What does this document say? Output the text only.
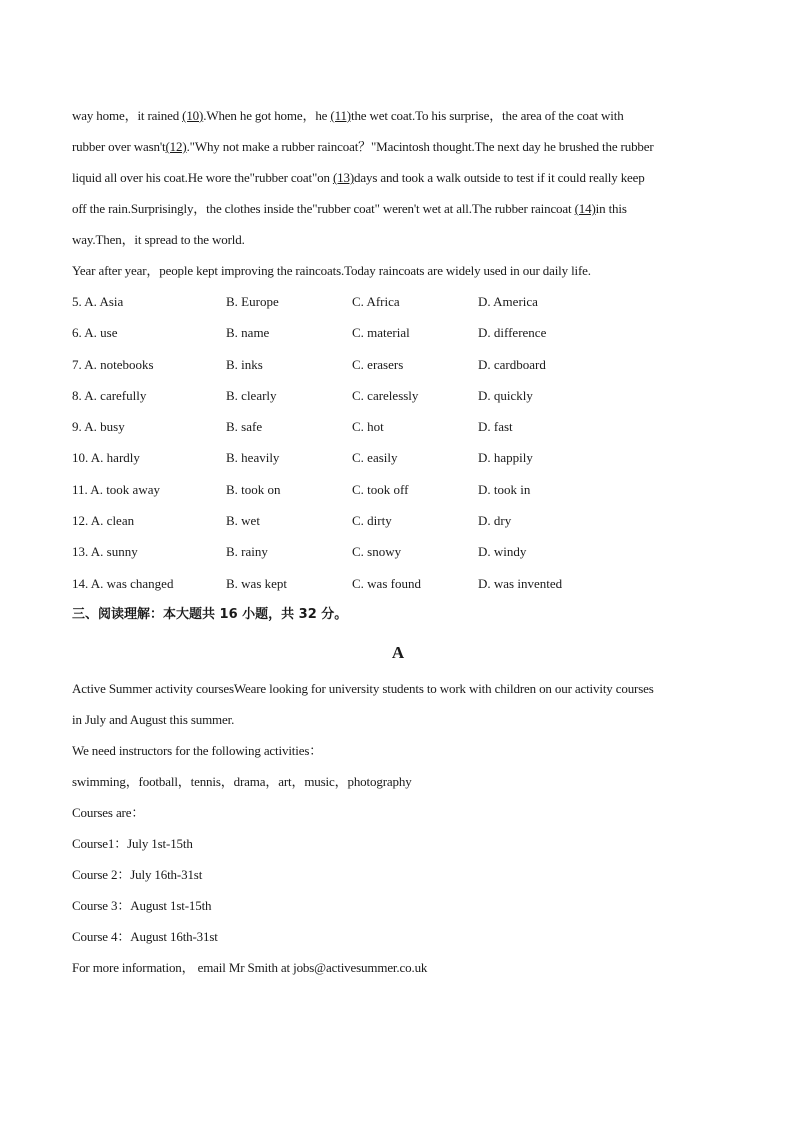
way home，it rained (10).When he got home，he (11)the wet coat.To his surprise，the area of the coat with
rubber over wasn't(12)."Why not make a rubber raincoat？"Macintosh thought.The next day he brushed the rubber
liquid all over his coat.He wore the"rubber coat"on (13)days and took a walk outside to test if it could really keep
off the rain.Surprisingly，the clothes inside the"rubber coat" weren't wet at all.The rubber raincoat (14)in this
way.Then，it spread to the world.
Year after year，people kept improving the raincoats.Today raincoats are widely used in our daily life.
5. A. Asia	B. Europe	C. Africa	D. America
6. A. use	B. name	C. material	D. difference
7. A. notebooks	B. inks	C. erasers	D. cardboard
8. A. carefully	B. clearly	C. carelessly	D. quickly
9. A. busy	B. safe	C. hot	D. fast
10. A. hardly	B. heavily	C. easily	D. happily
11. A. took away	B. took on	C. took off	D. took in
12. A. clean	B. wet	C. dirty	D. dry
13. A. sunny	B. rainy	C. snowy	D. windy
14. A. was changed	B. was kept	C. was found	D. was invented
三、阅读理解：本大题共 16 小题，共 32 分。
A
Active Summer activity coursesWeare looking for university students to work with children on our activity courses
in July and August this summer.
We need instructors for the following activities：
swimming，football，tennis，drama，art，music，photography
Courses are：
Course1：July 1st-15th
Course 2：July 16th-31st
Course 3：August 1st-15th
Course 4：August 16th-31st
For more information， email Mr Smith at jobs@activesummer.co.uk
